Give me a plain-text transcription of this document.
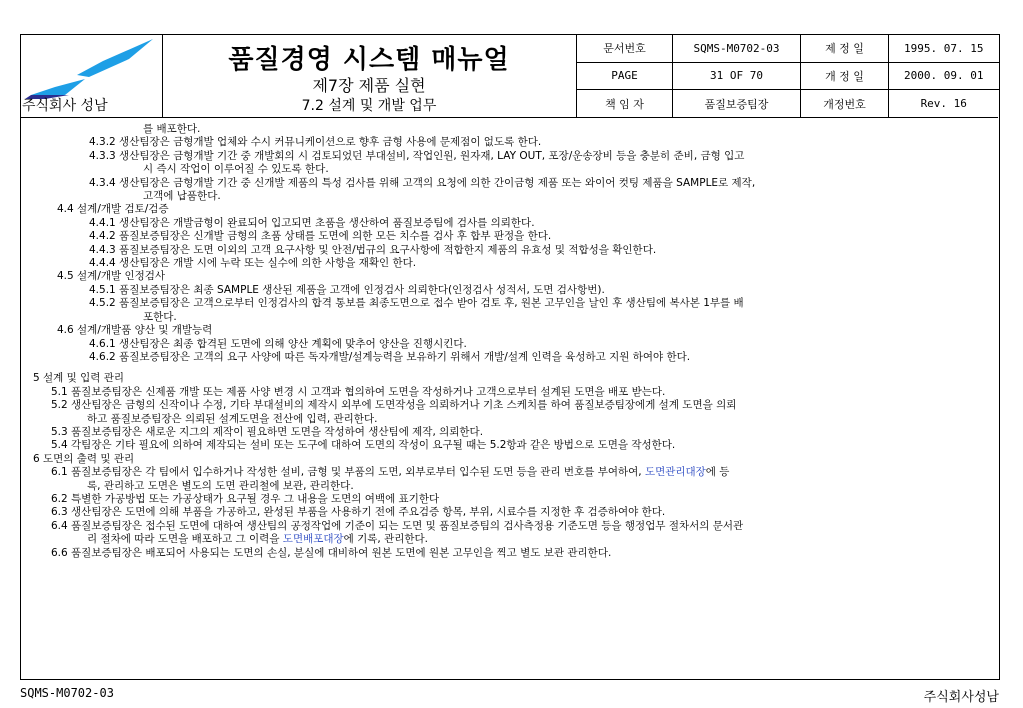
주식회사 성남
품질경영 시스템 매뉴얼
제7장 제품 실현
7.2 설계 및 개발 업무
문서번호	SQMS-M0702-03	제 정 일	1995. 07. 15
PAGE	31 OF 70	개 정 일	2000. 09. 01
책 임 자	품질보증팀장	개정번호	Rev. 16
를 배포한다.
4.3.2 생산팀장은 금형개발 업체와 수시 커뮤니케이션으로 향후 금형 사용에 문제점이 없도록 한다.
4.3.3 생산팀장은 금형개발 기간 중 개발회의 시 검토되었던 부대설비, 작업인원, 원자재, LAY OUT, 포장/운송장비 등을 충분히 준비, 금형 입고
시 즉시 작업이 이루어질 수 있도록 한다.
4.3.4 생산팀장은 금형개발 기간 중 신개발 제품의 특성 검사를 위해 고객의 요청에 의한 간이금형 제품 또는 와이어 컷팅 제품을 SAMPLE로 제작,
고객에 납품한다.
4.4 설계/개발 검토/검증
4.4.1 생산팀장은 개발금형이 완료되어 입고되면 초품을 생산하여 품질보증팀에 검사를 의뢰한다.
4.4.2 품질보증팀장은 신개발 금형의 초품 상태를 도면에 의한 모든 치수를 검사 후 합부 판정을 한다.
4.4.3 품질보증팀장은 도면 이외의 고객 요구사항 및 안전/법규의 요구사항에 적합한지 제품의 유효성 및 적합성을 확인한다.
4.4.4 생산팀장은 개발 시에 누락 또는 실수에 의한 사항을 재확인 한다.
4.5 설계/개발 인정검사
4.5.1 품질보증팀장은 최종 SAMPLE 생산된 제품을 고객에 인정검사 의뢰한다(인정검사 성적서, 도면 검사항번).
4.5.2 품질보증팀장은 고객으로부터 인정검사의 합격 통보를 최종도면으로 접수 받아 검토 후, 원본 고무인을 날인 후 생산팀에 복사본 1부를 배
포한다.
4.6 설계/개발품 양산 및 개발능력
4.6.1 생산팀장은 최종 합격된 도면에 의해 양산 계획에 맞추어 양산을 진행시킨다.
4.6.2 품질보증팀장은 고객의 요구 사양에 따른 독자개발/설계능력을 보유하기 위해서 개발/설계 인력을 육성하고 지원 하여야 한다.
5 설계 및 입력 관리
5.1 품질보증팀장은 신제품 개발 또는 제품 사양 변경 시 고객과 협의하여 도면을 작성하거나 고객으로부터 설계된 도면을 배포 받는다.
5.2 생산팀장은 금형의 신작이나 수정, 기타 부대설비의 제작시 외부에 도면작성을 의뢰하거나 기초 스케치를 하여 품질보증팀장에게 설계 도면을 의뢰
하고 품질보증팀장은 의뢰된 설계도면을 전산에 입력, 관리한다.
5.3 품질보증팀장은 새로운 지그의 제작이 필요하면 도면을 작성하여 생산팀에 제작, 의뢰한다.
5.4 각팀장은 기타 필요에 의하여 제작되는 설비 또는 도구에 대하여 도면의 작성이 요구될 때는 5.2항과 같은 방법으로 도면을 작성한다.
6 도면의 출력 및 관리
6.1 품질보증팀장은 각 팀에서 입수하거나 작성한 설비, 금형 및 부품의 도면, 외부로부터 입수된 도면 등을 관리 번호를 부여하여, 도면관리대장에 등
록, 관리하고 도면은 별도의 도면 관리철에 보관, 관리한다.
6.2 특별한 가공방법 또는 가공상태가 요구될 경우 그 내용을 도면의 여백에 표기한다
6.3 생산팀장은 도면에 의해 부품을 가공하고, 완성된 부품을 사용하기 전에 주요검증 항목, 부위, 시료수를 지정한 후 검증하여야 한다.
6.4 품질보증팀장은 접수된 도면에 대하여 생산팀의 공정작업에 기준이 되는 도면 및 품질보증팀의 검사측정용 기준도면 등을 행정업무 절차서의 문서관
리 절차에 따라 도면을 배포하고 그 이력을 도면배포대장에 기록, 관리한다.
6.6 품질보증팀장은 배포되어 사용되는 도면의 손실, 분실에 대비하여 원본 도면에 원본 고무인을 찍고 별도 보관 관리한다.
SQMS-M0702-03	주식회사성남
